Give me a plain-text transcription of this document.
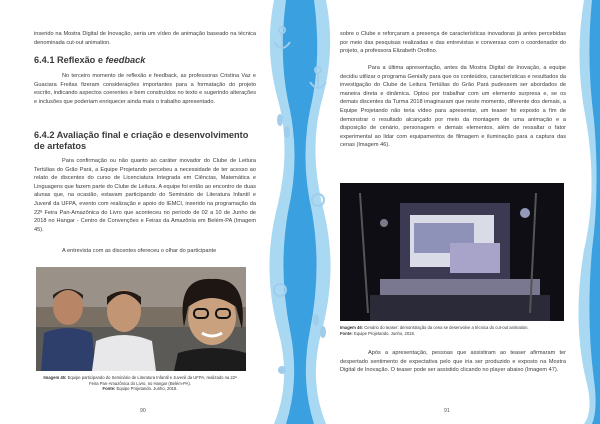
inserido na Mostra Digital de Inovação, seria um vídeo de animação baseado na técnica denominada cut-out animation.

6.4.1 Reflexão e feedback

No terceiro momento de reflexão e feedback, as professoras Cristina Vaz e Guaciara Freitas fizeram considerações importantes para a formatação do projeto escrito, indicando aspectos coerentes e bem construídos no texto e sugerindo alterações e inclusões que poderiam enriquecer ainda mais o trabalho apresentado.

6.4.2 Avaliação final e criação e desenvolvimento de artefatos

Para confirmação ou não quanto ao caráter inovador do Clube de Leitura Tertúlias do Grão Pará, a Equipe Projetando percebeu a necessidade de ter acesso ao relato de discentes do curso de Licenciatura Integrada em Ciências, Matemática e Linguagens que fazem parte do Clube de Leitura. A equipe foi então ao encontro de duas alunas que, na ocasião, estavam participando do Seminário de Literatura Infantil e Juvenil da UFPA, evento com realização e apoio do IEMCI, inserido na programação da 22ª Feira Pan-Amazônica do Livro que aconteceu no período de 02 a 10 de Junho de 2018 no Hangar - Centro de Convenções e Feiras da Amazônia em Belém-PA (Imagem 45).

A entrevista com as discentes ofereceu o olhar do participante

Imagem 45: Equipe participando do Seminário de Literatura Infantil e Juvenil da UFPA, realizado na 22ª Feira Pan-Amazônica do Livro, no Hangar (Belém-PA).
Fonte: Equipe Projetando. Junho, 2018.
90

sobre o Clube e reforçaram a presença de características inovadoras já antes percebidas por meio das pesquisas realizadas e das entrevistas e conversas com o coordenador do projeto, a professora Elizabeth Orofino.

Para a última apresentação, antes da Mostra Digital de Inovação, a equipe decidiu utilizar o programa Genially para que os conteúdos, características e resultados da investigação do Clube de Leitura Tertúlias do Grão Pará pudessem ser abordados de maneira direta e dinâmica. Optou por trabalhar com um elemento surpresa e, se os demais discentes da Turma 2018 imaginaram que neste momento, diferente dos demais, a Equipe Projetando não teria vídeo para apresentar, um teaser foi exposto a fim de demonstrar o resultado alcançado por meio da montagem de uma animação e a disposição de cenário, personagem e demais elementos, além de ressaltar o fator experimental ao lidar com equipamentos de filmagem e iluminação para a captura das cenas (Imagem 46).

Imagem 46: Cenário do teaser: demonstração da cena se desenvolve a técnica do cut-out animation.
Fonte: Equipe Projetando. Junho, 2018.

Após a apresentação, pessoas que assistiram ao teaser afirmaram ter despertado sentimento de expectativa pelo que iria ser produzido e exposto na Mostra Digital de Inovação. O teaser pode ser assistido clicando no player abaixo (Imagem 47).

91
